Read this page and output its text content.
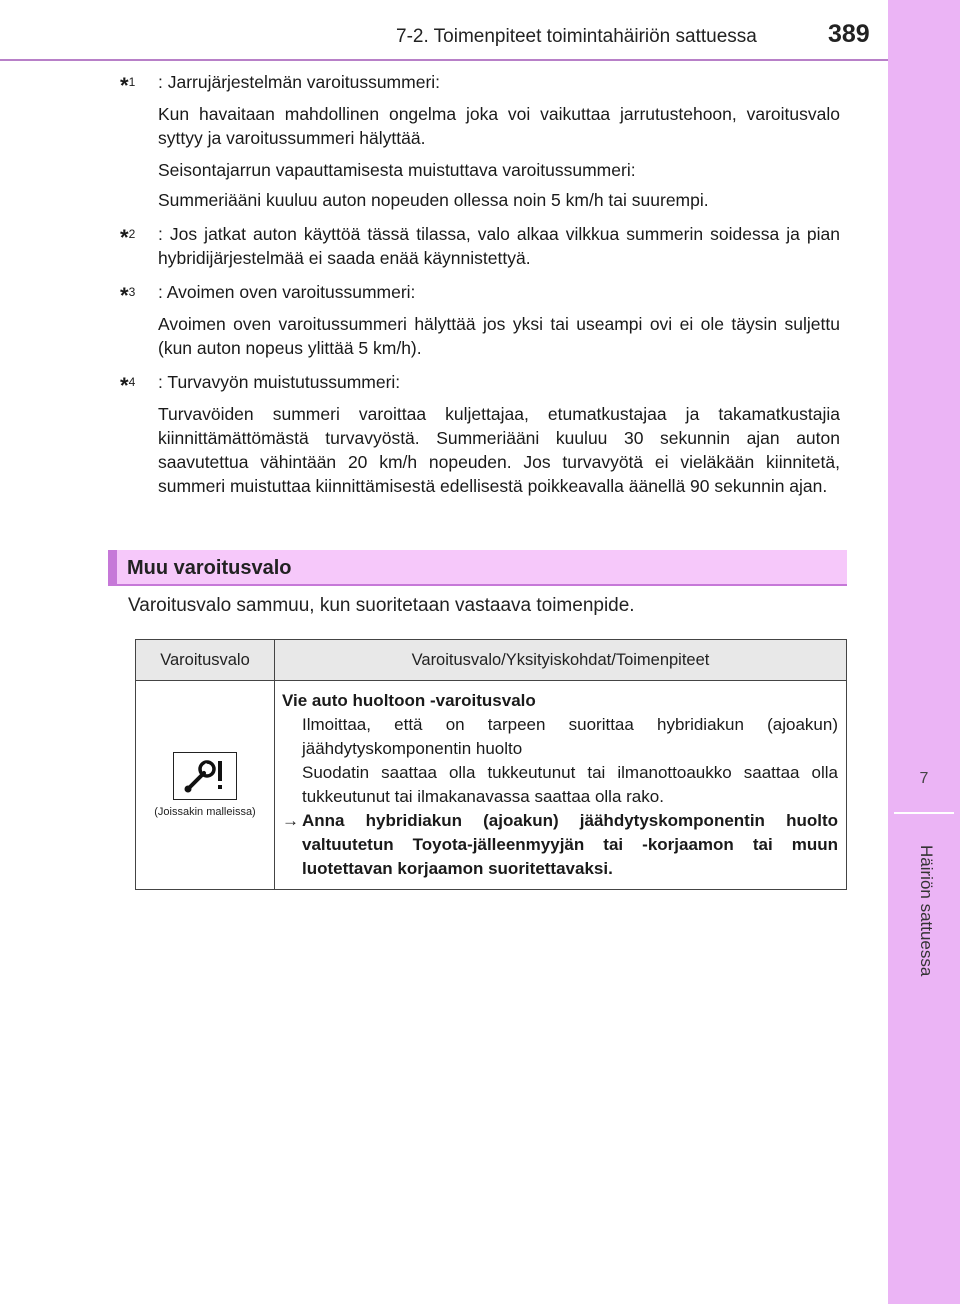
7
Häiriön sattuessa
7-2. Toimenpiteet toimintahäiriön sattuessa	389
*$^1$ : Jarrujärjestelmän varoitussummeri:

Kun havaitaan mahdollinen ongelma joka voi vaikuttaa jarrutustehoon, varoitusvalo syttyy ja varoitussummeri hälyttää.

Seisontajarrun vapauttamisesta muistuttava varoitussummeri:

Summeriääni kuuluu auton nopeuden ollessa noin 5 km/h tai suurempi.

*$^2$ : Jos jatkat auton käyttöä tässä tilassa, valo alkaa vilkkua summerin soidessa ja pian hybridijärjestelmää ei saada enää käynnistettyä.

*$^3$ : Avoimen oven varoitussummeri:

Avoimen oven varoitussummeri hälyttää jos yksi tai useampi ovi ei ole täysin suljettu (kun auton nopeus ylittää 5 km/h).

*$^4$ : Turvavyön muistutussummeri:

Turvavöiden summeri varoittaa kuljettajaa, etumatkustajaa ja takamatkustajia kiinnittämättömästä turvavyöstä. Summeriääni kuuluu 30 sekunnin ajan auton saavutettua vähintään 20 km/h nopeuden. Jos turvavyötä ei vieläkään kiinnitetä, summeri muistuttaa kiinnittämisestä edellisestä poikkeavalla äänellä 90 sekunnin ajan.

Muu varoitusvalo
Varoitusvalo sammuu, kun suoritetaan vastaava toimenpide.
Varoitusvalo	Varoitusvalo/Yksityiskohdat/Toimenpiteet

(Joissakin malleissa)	Vie auto huoltoon -varoitusvalo
Ilmoittaa, että on tarpeen suorittaa hybridiakun (ajoakun) jäähdytyskomponentin huolto
Suodatin saattaa olla tukkeutunut tai ilmanottoaukko saattaa olla tukkeutunut tai ilmakanavassa saattaa olla rako.
→ Anna hybridiakun (ajoakun) jäähdytyskomponentin huolto valtuutetun Toyota-jälleenmyyjän tai -korjaamon tai muun luotettavan korjaamon suoritettavaksi.
